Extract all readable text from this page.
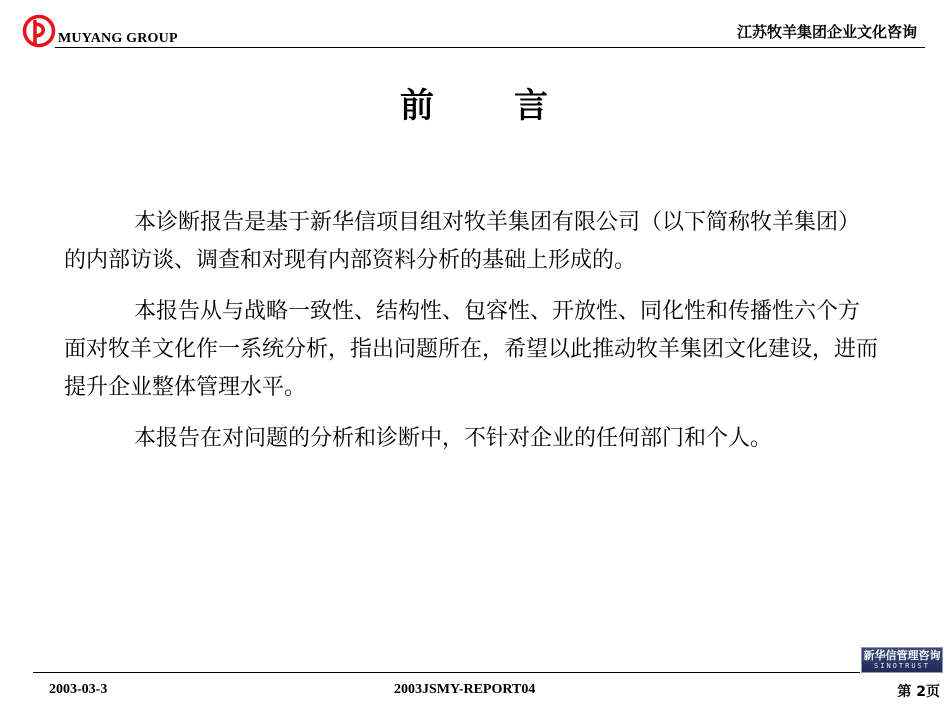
MUYANG GROUP	江苏牧羊集团企业文化咨询
前 言

本诊断报告是基于新华信项目组对牧羊集团有限公司（以下简称牧羊集团）的内部访谈、调查和对现有内部资料分析的基础上形成的。

本报告从与战略一致性、结构性、包容性、开放性、同化性和传播性六个方面对牧羊文化作一系统分析，指出问题所在，希望以此推动牧羊集团文化建设，进而提升企业整体管理水平。

本报告在对问题的分析和诊断中，不针对企业的任何部门和个人。

新华信管理咨询
SINOTRUST
2003-03-3	2003JSMY-REPORT04	第 2页
